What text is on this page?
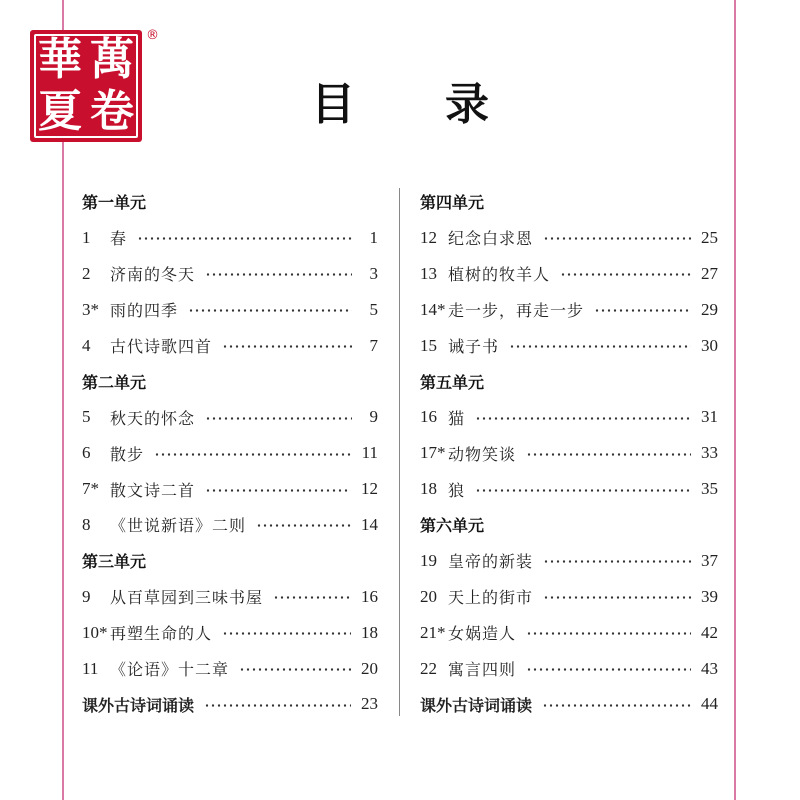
萬
華
卷
夏
®
目录
第一单元
1	春	1
2	济南的冬天	3
3* 雨的四季	5
4	古代诗歌四首	7
第二单元
5	秋天的怀念	9
6	散步	11
7* 散文诗二首	12
8	《世说新语》二则	14
第三单元
9	从百草园到三味书屋	16
10* 再塑生命的人	18
11 《论语》十二章	20
课外古诗词诵读	23
第四单元
12 纪念白求恩	25
13 植树的牧羊人	27
14* 走一步，再走一步	29
15 诫子书	30
第五单元
16 猫	31
17* 动物笑谈	33
18 狼	35
第六单元
19 皇帝的新装	37
20 天上的街市	39
21* 女娲造人	42
22 寓言四则	43
课外古诗词诵读	44
